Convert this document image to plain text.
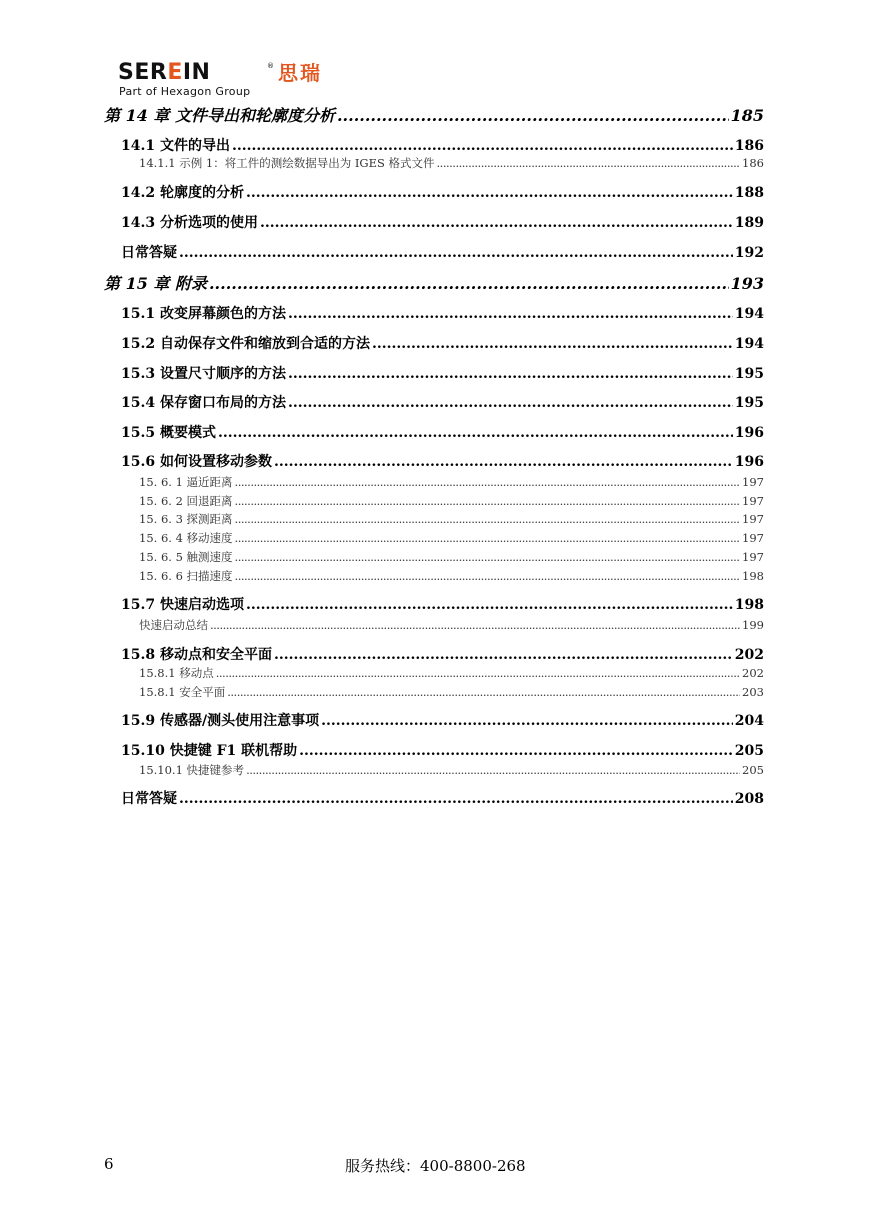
SEREIN	® 思瑞
Part of Hexagon Group
第 14 章 文件导出和轮廓度分析 .....	185
14.1 文件的导出 .....	186
14.1.1 示例 1：将工件的测绘数据导出为 IGES 格式文件 .....	186
14.2 轮廓度的分析 .....	188
14.3 分析选项的使用 .....	189
日常答疑 .....	192
第 15 章 附录 .....	193
15.1 改变屏幕颜色的方法 .....	194
15.2 自动保存文件和缩放到合适的方法 .....	194
15.3 设置尺寸顺序的方法 .....	195
15.4 保存窗口布局的方法 .....	195
15.5 概要模式 .....	196
15.6 如何设置移动参数 .....	196
15. 6. 1 逼近距离 .....	197
15. 6. 2 回退距离 .....	197
15. 6. 3 探测距离 .....	197
15. 6. 4 移动速度 .....	197
15. 6. 5 触测速度 .....	197
15. 6. 6 扫描速度 .....	198
15.7 快速启动选项 .....	198
快速启动总结 .....	199
15.8 移动点和安全平面 .....	202
15.8.1 移动点 .....	202
15.8.1 安全平面 .....	203
15.9 传感器/测头使用注意事项 .....	204
15.10 快捷键 F1 联机帮助 .....	205
15.10.1 快捷键参考 .....	205
日常答疑 .....	208
6	服务热线：400-8800-268
